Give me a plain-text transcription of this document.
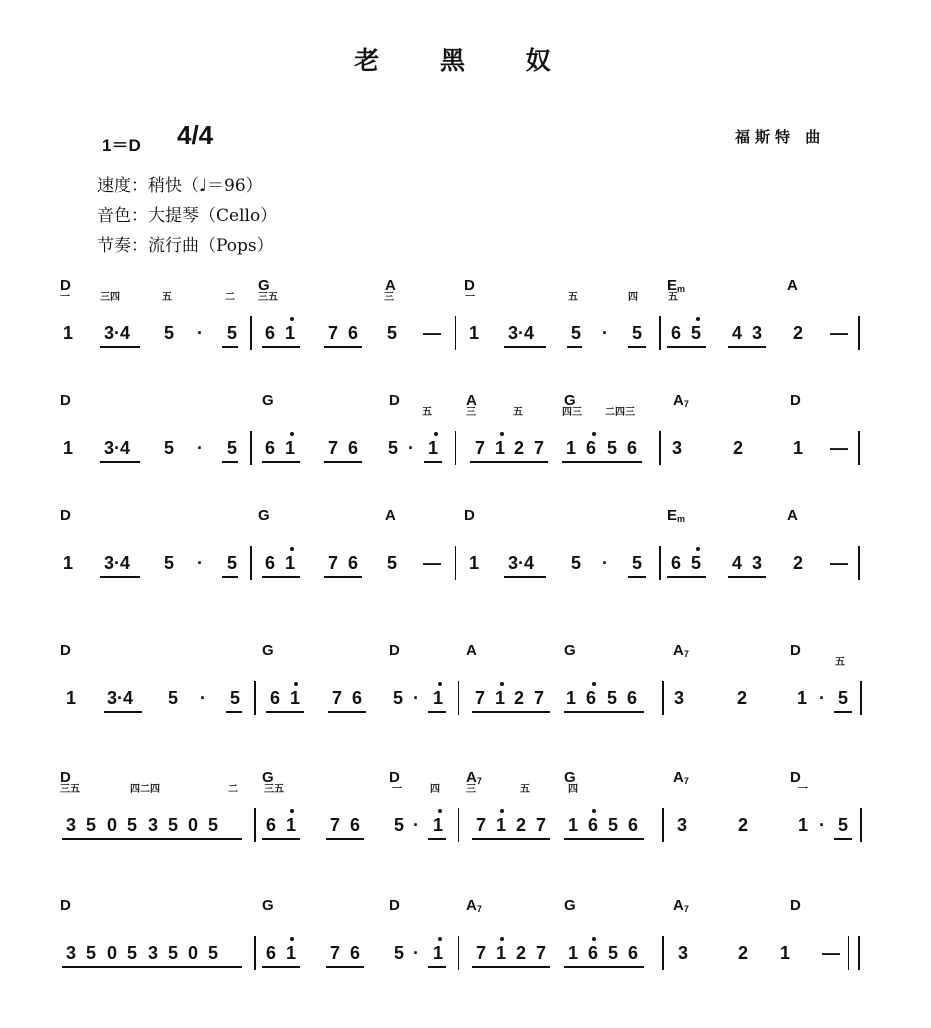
老 黑 奴
福斯特 曲
1＝D 4/4
速度：稍快（♩＝96）
音色：大提琴（Cello）
节奏：流行曲（Pops）
D	G	A	D	$E_m$	A
一	三四	五	二 三五	三	一	五	四	五
1 3·4 5 · 5 6 1 7 6 5 — 1 3·4 5 · 5 6 5 4 3 2 —
D	G	D	A	G	$A_7$	D
五	三	五	四三 二四三
1 3·4 5 · 5 6 1 7 6 5 · 1 7 1 2 7 1 6 5 6 3	2	1 —
D	G	A	D	$E_m$	A
1 3·4 5 · 5 6 1 7 6 5 — 1 3·4 5 · 5 6 5 4 3 2 —
D	G	D	A	G	$A_7$	D
五
1 3·4 5 · 5 6 1 7 6 5 · 1 7 1 2 7 1 6 5 6 3	2	1 · 5
D	G	D	$A_7$	G	$A_7$	D
三五	四二四	二	三五	一	四	三	五	四	一
3 5 0 5 3 5 0 5	6 1 7 6 5 · 1 7 1 2 7 1 6 5 6 3	2	1 · 5
D	G	D	$A_7$	G	$A_7$	D
3 5 0 5 3 5 0 5	6 1 7 6 5 · 1 7 1 2 7 1 6 5 6 3	2 1 —
